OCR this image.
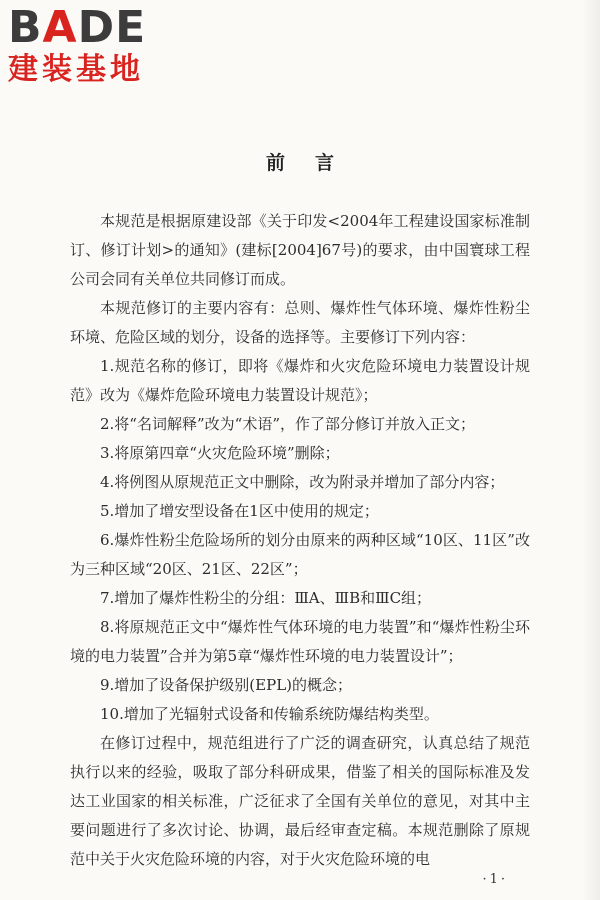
BADE
建装基地
前言

本规范是根据原建设部《关于印发<2004年工程建设国家标准制订、修订计划>的通知》(建标[2004]67号)的要求，由中国寰球工程公司会同有关单位共同修订而成。

本规范修订的主要内容有：总则、爆炸性气体环境、爆炸性粉尘环境、危险区域的划分，设备的选择等。主要修订下列内容：

1.规范名称的修订，即将《爆炸和火灾危险环境电力装置设计规范》改为《爆炸危险环境电力装置设计规范》；

2.将“名词解释”改为“术语”，作了部分修订并放入正文；

3.将原第四章“火灾危险环境”删除；

4.将例图从原规范正文中删除，改为附录并增加了部分内容；

5.增加了增安型设备在1区中使用的规定；

6.爆炸性粉尘危险场所的划分由原来的两种区域“10区、11区”改为三种区域“20区、21区、22区”；

7.增加了爆炸性粉尘的分组：ⅢA、ⅢB和ⅢC组；

8.将原规范正文中“爆炸性气体环境的电力装置”和“爆炸性粉尘环境的电力装置”合并为第5章“爆炸性环境的电力装置设计”；

9.增加了设备保护级别(EPL)的概念；

10.增加了光辐射式设备和传输系统防爆结构类型。

在修订过程中，规范组进行了广泛的调查研究，认真总结了规范执行以来的经验，吸取了部分科研成果，借鉴了相关的国际标准及发达工业国家的相关标准，广泛征求了全国有关单位的意见，对其中主要问题进行了多次讨论、协调，最后经审查定稿。本规范删除了原规范中关于火灾危险环境的内容，对于火灾危险环境的电

·1·
